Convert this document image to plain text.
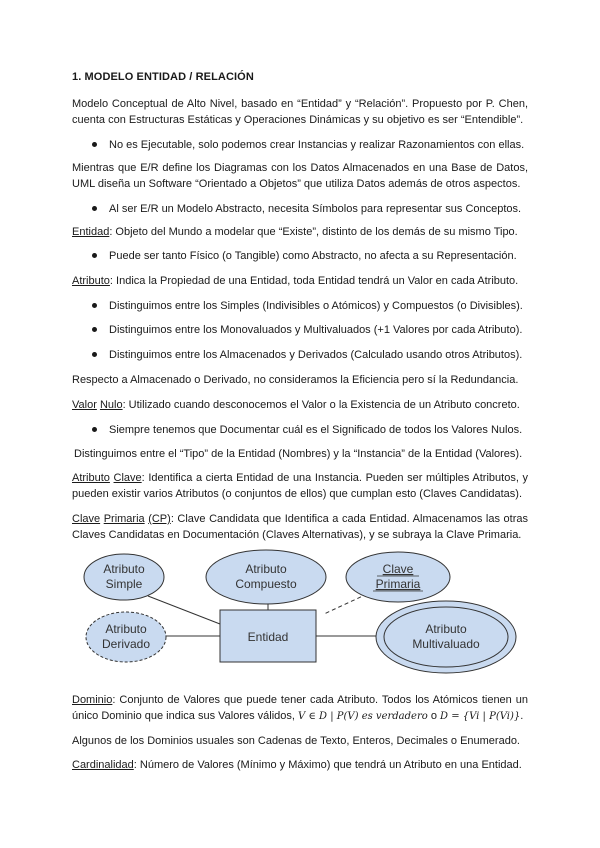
1. MODELO ENTIDAD / RELACIÓN
Modelo Conceptual de Alto Nivel, basado en “Entidad” y “Relación”. Propuesto por P. Chen, cuenta con Estructuras Estáticas y Operaciones Dinámicas y su objetivo es ser “Entendible”.
No es Ejecutable, solo podemos crear Instancias y realizar Razonamientos con ellas.
Mientras que E/R define los Diagramas con los Datos Almacenados en una Base de Datos, UML diseña un Software “Orientado a Objetos” que utiliza Datos además de otros aspectos.
Al ser E/R un Modelo Abstracto, necesita Símbolos para representar sus Conceptos.
Entidad: Objeto del Mundo a modelar que “Existe”, distinto de los demás de su mismo Tipo.
Puede ser tanto Físico (o Tangible) como Abstracto, no afecta a su Representación.
Atributo: Indica la Propiedad de una Entidad, toda Entidad tendrá un Valor en cada Atributo.
Distinguimos entre los Simples (Indivisibles o Atómicos) y Compuestos (o Divisibles).
Distinguimos entre los Monovaluados y Multivaluados (+1 Valores por cada Atributo).
Distinguimos entre los Almacenados y Derivados (Calculado usando otros Atributos).
Respecto a Almacenado o Derivado, no consideramos la Eficiencia pero sí la Redundancia.
Valor Nulo: Utilizado cuando desconocemos el Valor o la Existencia de un Atributo concreto.
Siempre tenemos que Documentar cuál es el Significado de todos los Valores Nulos.
Distinguimos entre el “Tipo” de la Entidad (Nombres) y la “Instancia” de la Entidad (Valores).
Atributo Clave: Identifica a cierta Entidad de una Instancia. Pueden ser múltiples Atributos, y pueden existir varios Atributos (o conjuntos de ellos) que cumplan esto (Claves Candidatas).
Clave Primaria (CP): Clave Candidata que Identifica a cada Entidad. Almacenamos las otras Claves Candidatas en Documentación (Claves Alternativas), y se subraya la Clave Primaria.
Atributo
Simple
Atributo
Compuesto
Clave
Primaria
Atributo
Derivado	Entidad
Atributo
Multivaluado
Dominio: Conjunto de Valores que puede tener cada Atributo. Todos los Atómicos tienen un único Dominio que indica sus Valores válidos, V ∈ D | P(V) es verdadero o D = {Vi | P(Vi)}.
Algunos de los Dominios usuales son Cadenas de Texto, Enteros, Decimales o Enumerado.
Cardinalidad: Número de Valores (Mínimo y Máximo) que tendrá un Atributo en una Entidad.
